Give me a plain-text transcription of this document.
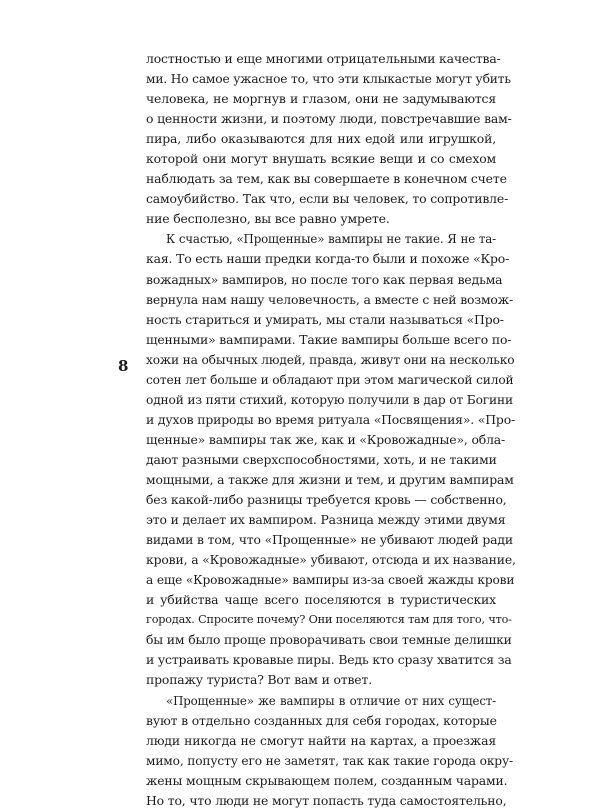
8
лостностью и еще многими отрицательными качества-
ми. Но самое ужасное то, что эти клыкастые могут убить
человека, не моргнув и глазом, они не задумываются
о ценности жизни, и поэтому люди, повстречавшие вам-
пира, либо оказываются для них едой или игрушкой,
которой они могут внушать всякие вещи и со смехом
наблюдать за тем, как вы совершаете в конечном счете
самоубийство. Так что, если вы человек, то сопротивле-
ние бесполезно, вы все равно умрете.
К счастью, «Прощенные» вампиры не такие. Я не та-
кая. То есть наши предки когда-то были и похоже «Кро-
вожадных» вампиров, но после того как первая ведьма
вернула нам нашу человечность, а вместе с ней возмож-
ность стариться и умирать, мы стали называться «Про-
щенными» вампирами. Такие вампиры больше всего по-
хожи на обычных людей, правда, живут они на несколько
сотен лет больше и обладают при этом магической силой
одной из пяти стихий, которую получили в дар от Богини
и духов природы во время ритуала «Посвящения». «Про-
щенные» вампиры так же, как и «Кровожадные», обла-
дают разными сверхспособностями, хоть, и не такими
мощными, а также для жизни и тем, и другим вампирам
без какой-либо разницы требуется кровь — собственно,
это и делает их вампиром. Разница между этими двумя
видами в том, что «Прощенные» не убивают людей ради
крови, а «Кровожадные» убивают, отсюда и их название,
а еще «Кровожадные» вампиры из-за своей жажды крови
и убийства чаще всего поселяются в туристических
городах. Спросите почему? Они поселяются там для того, что-
бы им было проще проворачивать свои темные делишки
и устраивать кровавые пиры. Ведь кто сразу хватится за
пропажу туриста? Вот вам и ответ.
«Прощенные» же вампиры в отличие от них сущест-
вуют в отдельно созданных для себя городах, которые
люди никогда не смогут найти на картах, а проезжая
мимо, попусту его не заметят, так как такие города окру-
жены мощным скрывающем полем, созданным чарами.
Но то, что люди не могут попасть туда самостоятельно,
